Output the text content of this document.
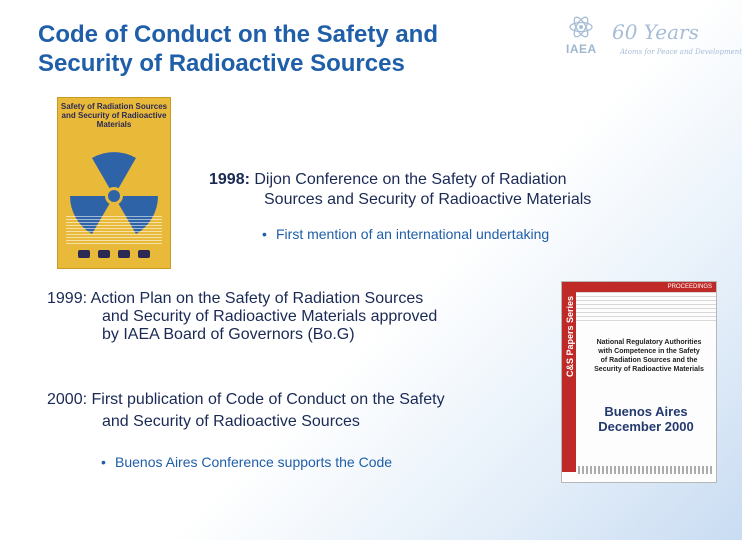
Code of Conduct on the Safety and
Security of Radioactive Sources
IAEA
60 Years
Atoms for Peace and Development
Safety of Radiation Sources and Security of Radioactive Materials
1998: Dijon Conference on the Safety of Radiation
Sources and Security of Radioactive Materials
• First mention of an international undertaking
1999: Action Plan on the Safety of Radiation Sources
and Security of Radioactive Materials approved
by IAEA Board of Governors (Bo.G)
2000: First publication of Code of Conduct on the Safety
and Security of Radioactive Sources
• Buenos Aires Conference supports the Code
PROCEEDINGS
C&S Papers Series	National Regulatory Authorities with Competence in the Safety of Radiation Sources and the Security of Radioactive Materials
Buenos Aires
December 2000
